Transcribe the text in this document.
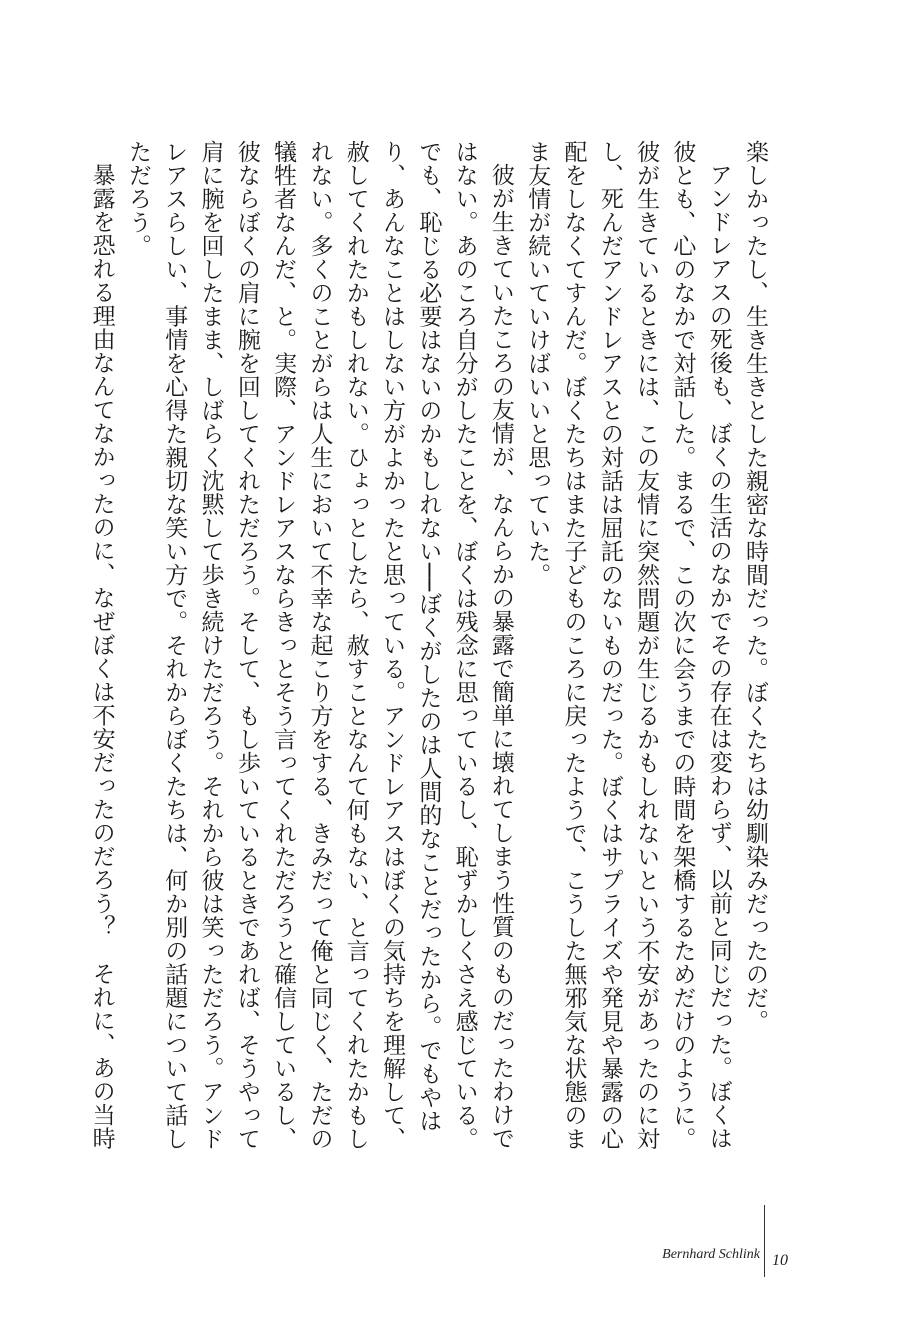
楽しかったし、生き生きとした親密な時間だった。ぼくたちは幼馴染みだったのだ。

アンドレアスの死後も、ぼくの生活のなかでその存在は変わらず、以前と同じだった。ぼくは彼とも、心のなかで対話した。まるで、この次に会うまでの時間を架橋するためだけのように。彼が生きているときには、この友情に突然問題が生じるかもしれないという不安があったのに対し、死んだアンドレアスとの対話は屈託のないものだった。ぼくはサプライズや発見や暴露の心配をしなくてすんだ。ぼくたちはまた子どものころに戻ったようで、こうした無邪気な状態のまま友情が続いていけばいいと思っていた。

彼が生きていたころの友情が、なんらかの暴露で簡単に壊れてしまう性質のものだったわけではない。あのころ自分がしたことを、ぼくは残念に思っているし、恥ずかしくさえ感じている。でも、恥じる必要はないのかもしれない──ぼくがしたのは人間的なことだったから。でもやはり、あんなことはしない方がよかったと思っている。アンドレアスはぼくの気持ちを理解して、赦してくれたかもしれない。ひょっとしたら、赦すことなんて何もない、と言ってくれたかもしれない。多くのことがらは人生において不幸な起こり方をする、きみだって俺と同じく、ただの犠牲者なんだ、と。実際、アンドレアスならきっとそう言ってくれただろうと確信しているし、彼ならぼくの肩に腕を回してくれただろう。そして、もし歩いているときであれば、そうやって肩に腕を回したまま、しばらく沈黙して歩き続けただろう。それから彼は笑っただろう。アンドレアスらしい、事情を心得た親切な笑い方で。それからぼくたちは、何か別の話題について話しただろう。

暴露を恐れる理由なんてなかったのに、なぜぼくは不安だったのだろう？　それに、あの当時

Bernhard Schlink 10
